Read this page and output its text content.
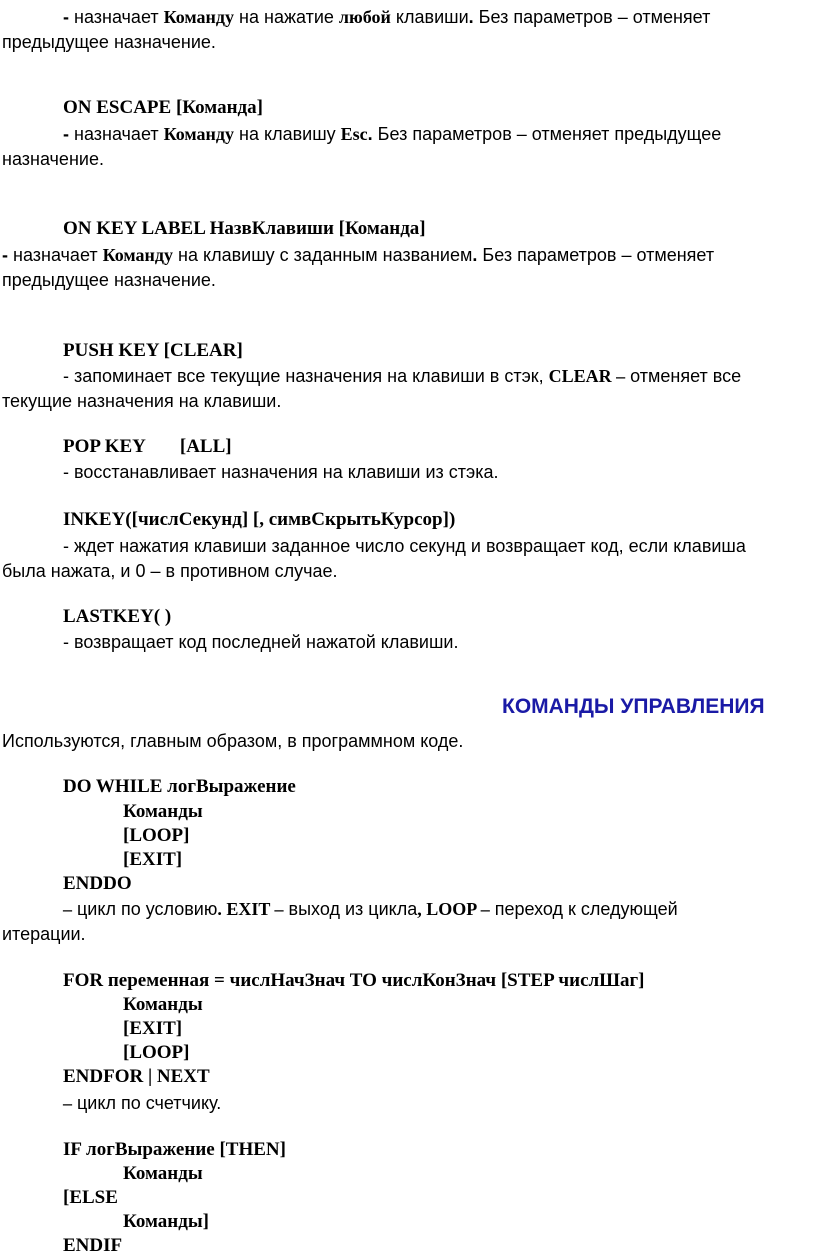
- назначает Команду на нажатие любой клавиши. Без параметров – отменяет
предыдущее назначение.
ON ESCAPE [Команда]
- назначает Команду на клавишу Esc. Без параметров – отменяет предыдущее
назначение.
ON KEY LABEL НазвКлавиши [Команда]
- назначает Команду на клавишу с заданным названием. Без параметров – отменяет
предыдущее назначение.
PUSH KEY [CLEAR]
- запоминает все текущие назначения на клавиши в стэк, CLEAR – отменяет все
текущие назначения на клавиши.
POP KEY [ALL]
- восстанавливает назначения на клавиши из стэка.
INKEY([числСекунд] [, симвСкрытьКурсор])
- ждет нажатия клавиши заданное число секунд и возвращает код, если клавиша
была нажата, и 0 – в противном случае.
LASTKEY( )
- возвращает код последней нажатой клавиши.
КОМАНДЫ УПРАВЛЕНИЯ
Используются, главным образом, в программном коде.
DO WHILE логВыражение
Команды
[LOOP]
[EXIT]
ENDDO
– цикл по условию. EXIT – выход из цикла, LOOP – переход к следующей
итерации.
FOR переменная = числНачЗнач TO числКонЗнач [STEP числШаг]
Команды
[EXIT]
[LOOP]
ENDFOR | NEXT
– цикл по счетчику.
IF логВыражение [THEN]
Команды
[ELSE
Команды]
ENDIF
